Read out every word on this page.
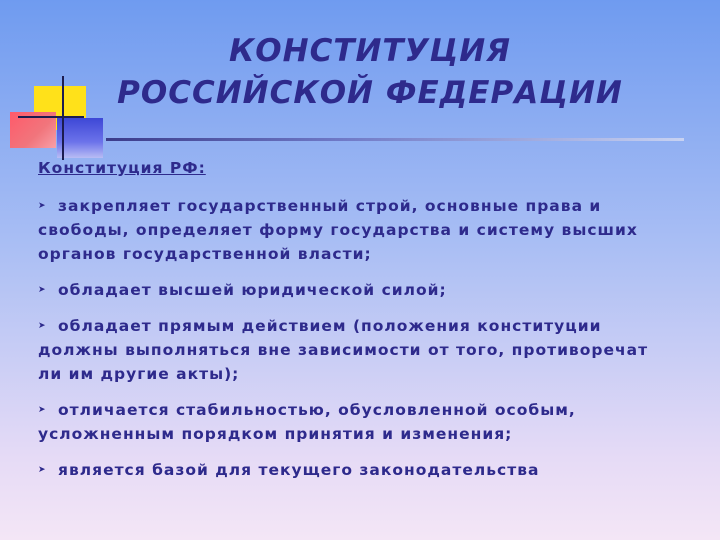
КОНСТИТУЦИЯ
РОССИЙСКОЙ ФЕДЕРАЦИИ
Конституция РФ:
➤ закрепляет государственный строй, основные права и свободы, определяет форму государства и систему высших органов государственной власти;
➤ обладает высшей юридической силой;
➤ обладает прямым действием (положения конституции должны выполняться вне зависимости от того, противоречат ли им другие акты);
➤ отличается стабильностью, обусловленной особым, усложненным порядком принятия и изменения;
➤ является базой для текущего законодательства
